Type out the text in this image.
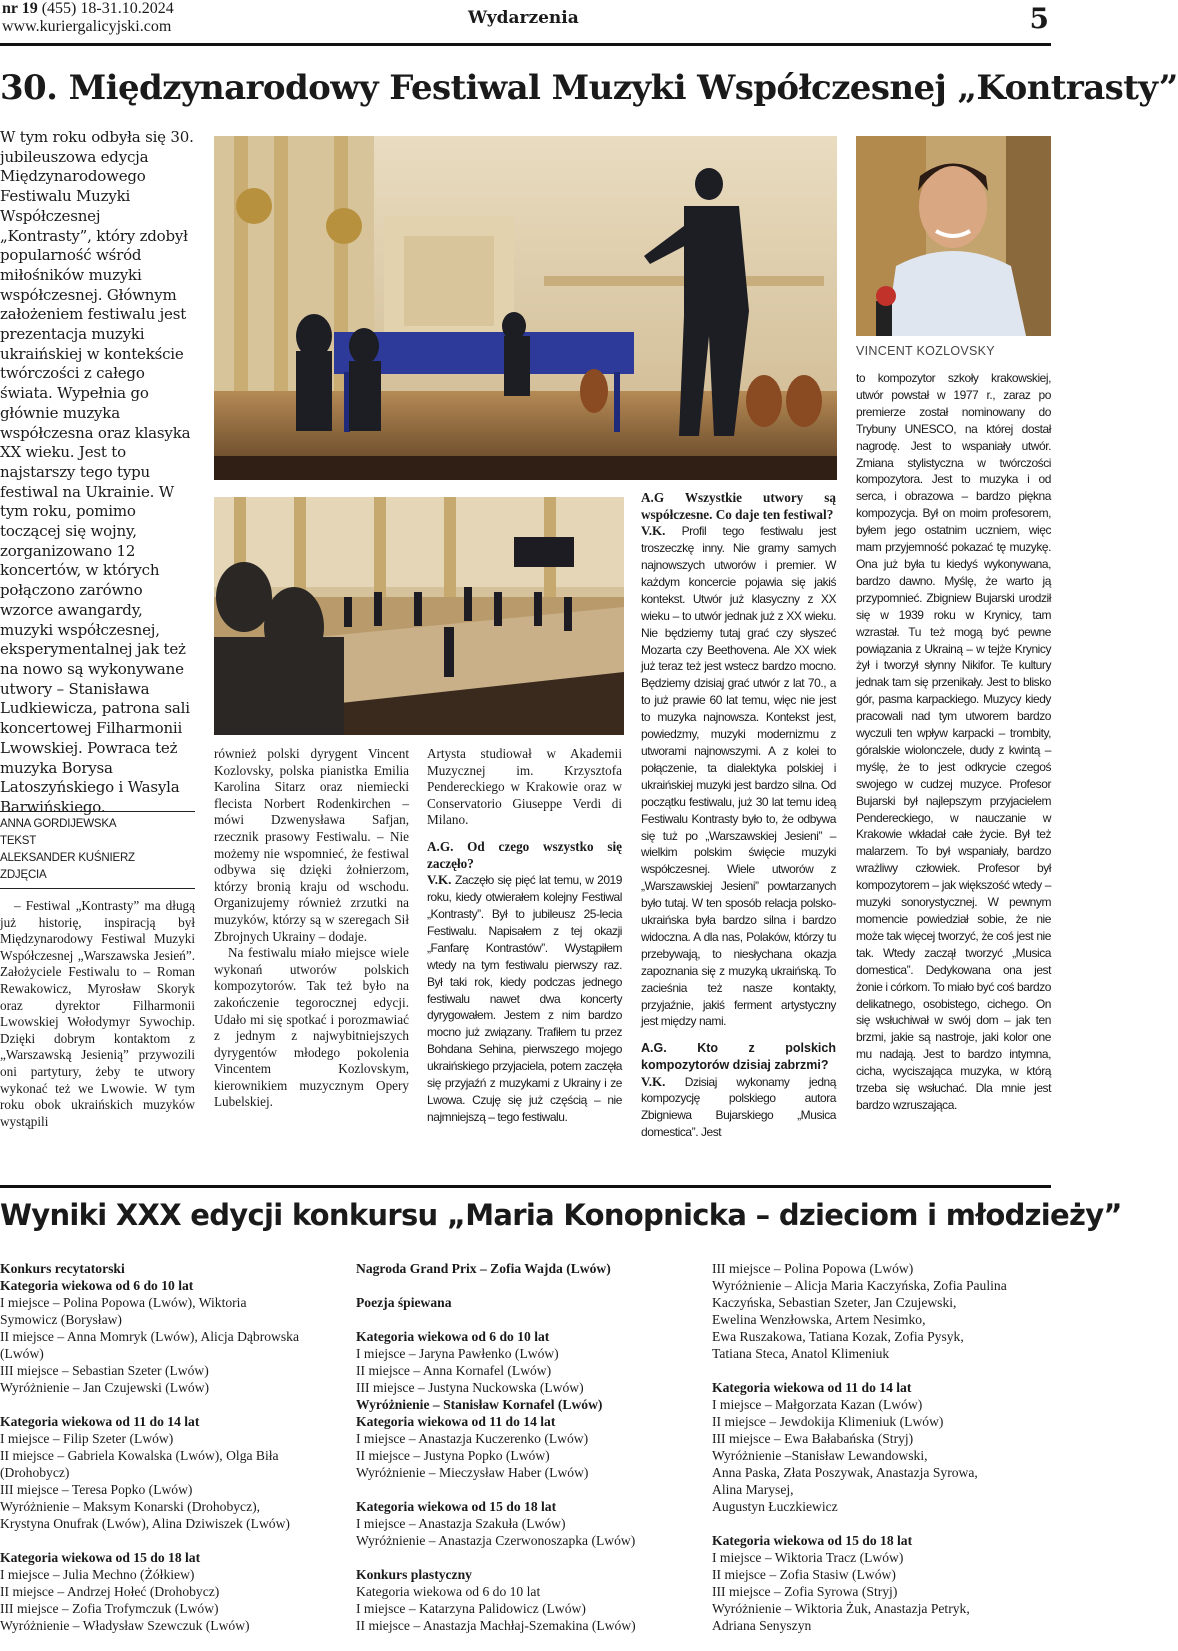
nr 19 (455) 18-31.10.2024
www.kuriergalicyjski.com	Wydarzenia	5
30. Międzynarodowy Festiwal Muzyki Współczesnej „Kontrasty”
W tym roku odbyła się 30. jubileuszowa edycja Międzynarodowego Festiwalu Muzyki Współczesnej „Kontrasty”, który zdobył popularność wśród miłośników muzyki współczesnej. Głównym założeniem festiwalu jest prezentacja muzyki ukraińskiej w kontekście twórczości z całego świata. Wypełnia go głównie muzyka współczesna oraz klasyka XX wieku. Jest to najstarszy tego typu festiwal na Ukrainie. W tym roku, pomimo toczącej się wojny, zorganizowano 12 koncertów, w których połączono zarówno wzorce awangardy, muzyki współczesnej, eksperymentalnej jak też na nowo są wykonywane utwory – Stanisława Ludkiewicza, patrona sali koncertowej Filharmonii Lwowskiej. Powraca też muzyka Borysa Latoszyńskiego i Wasyla Barwińskiego.
ANNA GORDIJEWSKA
TEKST
ALEKSANDER KUŚNIERZ
ZDJĘCIA
VINCENT KOZLOVSKY

– Festiwal „Kontrasty” ma długą już historię, inspiracją był Międzynarodowy Festiwal Muzyki Współczesnej „Warszawska Jesień”. Założyciele Festiwalu to – Roman Rewakowicz, Myrosław Skoryk oraz dyrektor Filharmonii Lwowskiej Wołodymyr Sywochip. Dzięki dobrym kontaktom z „Warszawską Jesienią” przywozili oni partytury, żeby te utwory wykonać też we Lwowie. W tym roku obok ukraińskich muzyków wystąpili

również polski dyrygent Vincent Kozlovsky, polska pianistka Emilia Karolina Sitarz oraz niemiecki flecista Norbert Rodenkirchen – mówi Dzwenysława Safjan, rzecznik prasowy Festiwalu. – Nie możemy nie wspomnieć, że festiwal odbywa się dzięki żołnierzom, którzy bronią kraju od wschodu. Organizujemy również zrzutki na muzyków, którzy są w szeregach Sił Zbrojnych Ukrainy – dodaje.

Na festiwalu miało miejsce wiele wykonań utworów polskich kompozytorów. Tak też było na zakończenie tegorocznej edycji. Udało mi się spotkać i porozmawiać z jednym z najwybitniejszych dyrygentów młodego pokolenia Vincentem Kozlovskym, kierownikiem muzycznym Opery Lubelskiej.

Artysta studiował w Akademii Muzycznej im. Krzysztofa Pendereckiego w Krakowie oraz w Conservatorio Giuseppe Verdi di Milano.

A.G. Od czego wszystko się zaczęło?

V.K. Zaczęło się pięć lat temu, w 2019 roku, kiedy otwierałem kolejny Festiwal „Kontrasty”. Był to jubileusz 25-lecia Festiwalu. Napisałem z tej okazji „Fanfarę Kontrastów”. Wystąpiłem wtedy na tym festiwalu pierwszy raz. Był taki rok, kiedy podczas jednego festiwalu nawet dwa koncerty dyrygowałem. Jestem z nim bardzo mocno już związany. Trafiłem tu przez Bohdana Sehina, pierwszego mojego ukraińskiego przyjaciela, potem zaczęła się przyjaźń z muzykami z Ukrainy i ze Lwowa. Czuję się już częścią – nie najmniejszą – tego festiwalu.

A.G Wszystkie utwory są współczesne. Co daje ten festiwal?

V.K. Profil tego festiwalu jest troszeczkę inny. Nie gramy samych najnowszych utworów i premier. W każdym koncercie pojawia się jakiś kontekst. Utwór już klasyczny z XX wieku – to utwór jednak już z XX wieku. Nie będziemy tutaj grać czy słyszeć Mozarta czy Beethovena. Ale XX wiek już teraz też jest wstecz bardzo mocno. Będziemy dzisiaj grać utwór z lat 70., a to już prawie 60 lat temu, więc nie jest to muzyka najnowsza. Kontekst jest, powiedzmy, muzyki modernizmu z utworami najnowszymi. A z kolei to połączenie, ta dialektyka polskiej i ukraińskiej muzyki jest bardzo silna. Od początku festiwalu, już 30 lat temu ideą Festiwalu Kontrasty było to, że odbywa się tuż po „Warszawskiej Jesieni” – wielkim polskim święcie muzyki współczesnej. Wiele utworów z „Warszawskiej Jesieni” powtarzanych było tutaj. W ten sposób relacja polsko-ukraińska była bardzo silna i bardzo widoczna. A dla nas, Polaków, którzy tu przebywają, to niesłychana okazja zapoznania się z muzyką ukraińską. To zacieśnia też nasze kontakty, przyjaźnie, jakiś ferment artystyczny jest między nami.

A.G. Kto z polskich kompozytorów dzisiaj zabrzmi?

V.K. Dzisiaj wykonamy jedną kompozycję polskiego autora Zbigniewa Bujarskiego „Musica domestica”. Jest

to kompozytor szkoły krakowskiej, utwór powstał w 1977 r., zaraz po premierze został nominowany do Trybuny UNESCO, na której dostał nagrodę. Jest to wspaniały utwór. Zmiana stylistyczna w twórczości kompozytora. Jest to muzyka i od serca, i obrazowa – bardzo piękna kompozycja. Był on moim profesorem, byłem jego ostatnim uczniem, więc mam przyjemność pokazać tę muzykę. Ona już była tu kiedyś wykonywana, bardzo dawno. Myślę, że warto ją przypomnieć. Zbigniew Bujarski urodził się w 1939 roku w Krynicy, tam wzrastał. Tu też mogą być pewne powiązania z Ukrainą – w tejże Krynicy żył i tworzył słynny Nikifor. Te kultury jednak tam się przenikały. Jest to blisko gór, pasma karpackiego. Muzycy kiedy pracowali nad tym utworem bardzo wyczuli ten wpływ karpacki – trombity, góralskie wiolonczele, dudy z kwintą – myślę, że to jest odkrycie czegoś swojego w cudzej muzyce. Profesor Bujarski był najlepszym przyjacielem Pendereckiego, w nauczanie w Krakowie wkładał całe życie. Był też malarzem. To był wspaniały, bardzo wrażliwy człowiek. Profesor był kompozytorem – jak większość wtedy – muzyki sonorystycznej. W pewnym momencie powiedział sobie, że nie może tak więcej tworzyć, że coś jest nie tak. Wtedy zaczął tworzyć „Musica domestica”. Dedykowana ona jest żonie i córkom. To miało być coś bardzo delikatnego, osobistego, cichego. On się wsłuchiwał w swój dom – jak ten brzmi, jakie są nastroje, jaki kolor one mu nadają. Jest to bardzo intymna, cicha, wyciszająca muzyka, w którą trzeba się wsłuchać. Dla mnie jest bardzo wzruszająca.
Wyniki XXX edycji konkursu „Maria Konopnicka – dzieciom i młodzieży”
Konkurs recytatorski
Kategoria wiekowa od 6 do 10 lat
I miejsce – Polina Popowa (Lwów), Wiktoria
Symowicz (Borysław)
II miejsce – Anna Momryk (Lwów), Alicja Dąbrowska
(Lwów)
III miejsce – Sebastian Szeter (Lwów)
Wyróżnienie – Jan Czujewski (Lwów)
Kategoria wiekowa od 11 do 14 lat
I miejsce – Filip Szeter (Lwów)
II miejsce – Gabriela Kowalska (Lwów), Olga Biła
(Drohobycz)
III miejsce – Teresa Popko (Lwów)
Wyróżnienie – Maksym Konarski (Drohobycz),
Krystyna Onufrak (Lwów), Alina Dziwiszek (Lwów)
Kategoria wiekowa od 15 do 18 lat
I miejsce – Julia Mechno (Żółkiew)
II miejsce – Andrzej Hołeć (Drohobycz)
III miejsce – Zofia Trofymczuk (Lwów)
Wyróżnienie – Władysław Szewczuk (Lwów)
Nagroda Grand Prix – Zofia Wajda (Lwów)
Poezja śpiewana
Kategoria wiekowa od 6 do 10 lat
I miejsce – Jaryna Pawłenko (Lwów)
II miejsce – Anna Kornafel (Lwów)
III miejsce – Justyna Nuckowska (Lwów)
Wyróżnienie – Stanisław Kornafel (Lwów)
Kategoria wiekowa od 11 do 14 lat
I miejsce – Anastazja Kuczerenko (Lwów)
II miejsce – Justyna Popko (Lwów)
Wyróżnienie – Mieczysław Haber (Lwów)
Kategoria wiekowa od 15 do 18 lat
I miejsce – Anastazja Szakuła (Lwów)
Wyróżnienie – Anastazja Czerwonoszapka (Lwów)
Konkurs plastyczny
Kategoria wiekowa od 6 do 10 lat
I miejsce – Katarzyna Palidowicz (Lwów)
II miejsce – Anastazja Machłaj-Szemakina (Lwów)
III miejsce – Polina Popowa (Lwów)
Wyróżnienie – Alicja Maria Kaczyńska, Zofia Paulina
Kaczyńska, Sebastian Szeter, Jan Czujewski,
Ewelina Wenzłowska, Artem Nesimko,
Ewa Ruszakowa, Tatiana Kozak, Zofia Pysyk,
Tatiana Steca, Anatol Klimeniuk
Kategoria wiekowa od 11 do 14 lat
I miejsce – Małgorzata Kazan (Lwów)
II miejsce – Jewdokija Klimeniuk (Lwów)
III miejsce – Ewa Bałabańska (Stryj)
Wyróżnienie –Stanisław Lewandowski,
Anna Paska, Złata Poszywak, Anastazja Syrowa,
Alina Marysej,
Augustyn Łuczkiewicz
Kategoria wiekowa od 15 do 18 lat
I miejsce – Wiktoria Tracz (Lwów)
II miejsce – Zofia Stasiw (Lwów)
III miejsce – Zofia Syrowa (Stryj)
Wyróżnienie – Wiktoria Żuk, Anastazja Petryk,
Adriana Senyszyn
